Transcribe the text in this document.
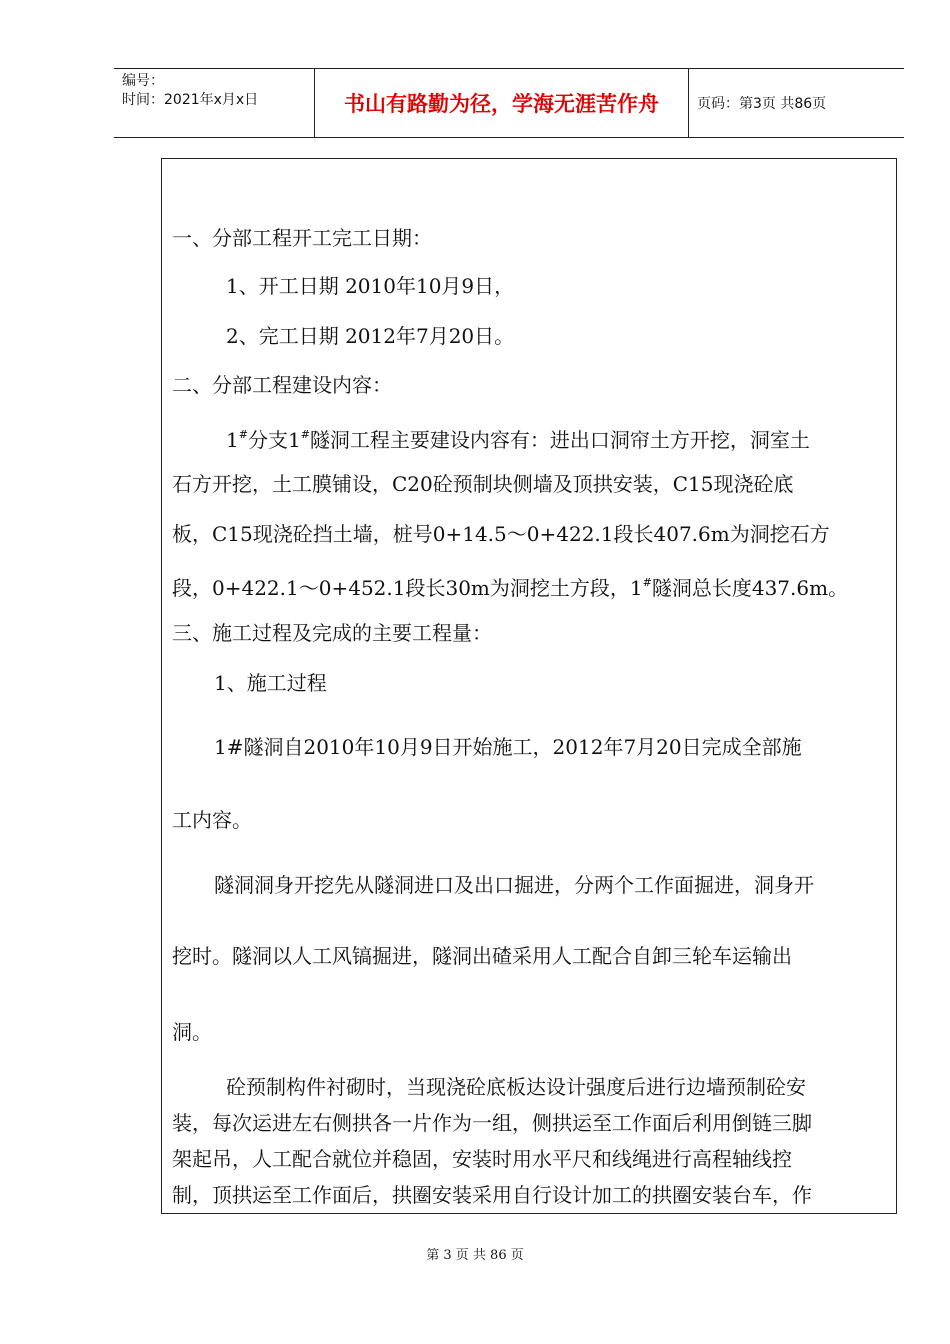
编号：
时间：2021年x月x日	书山有路勤为径，学海无涯苦作舟	页码：第3页 共86页
一、分部工程开工完工日期：
1、开工日期 2010年10月9日，
2、完工日期 2012年7月20日。
二、分部工程建设内容：
1#分支1#隧洞工程主要建设内容有：进出口洞帘土方开挖，洞室土
石方开挖，土工膜铺设，C20砼预制块侧墙及顶拱安装，C15现浇砼底
板，C15现浇砼挡土墙，桩号0+14.5～0+422.1段长407.6m为洞挖石方
段，0+422.1～0+452.1段长30m为洞挖土方段，1#隧洞总长度437.6m。
三、施工过程及完成的主要工程量：
1、施工过程
1#隧洞自2010年10月9日开始施工，2012年7月20日完成全部施
工内容。
隧洞洞身开挖先从隧洞进口及出口掘进，分两个工作面掘进，洞身开
挖时。隧洞以人工风镐掘进，隧洞出碴采用人工配合自卸三轮车运输出
洞。
砼预制构件衬砌时，当现浇砼底板达设计强度后进行边墙预制砼安
装，每次运进左右侧拱各一片作为一组，侧拱运至工作面后利用倒链三脚
架起吊，人工配合就位并稳固，安装时用水平尺和线绳进行高程轴线控
制，顶拱运至工作面后，拱圈安装采用自行设计加工的拱圈安装台车，作
第 3 页 共 86 页
